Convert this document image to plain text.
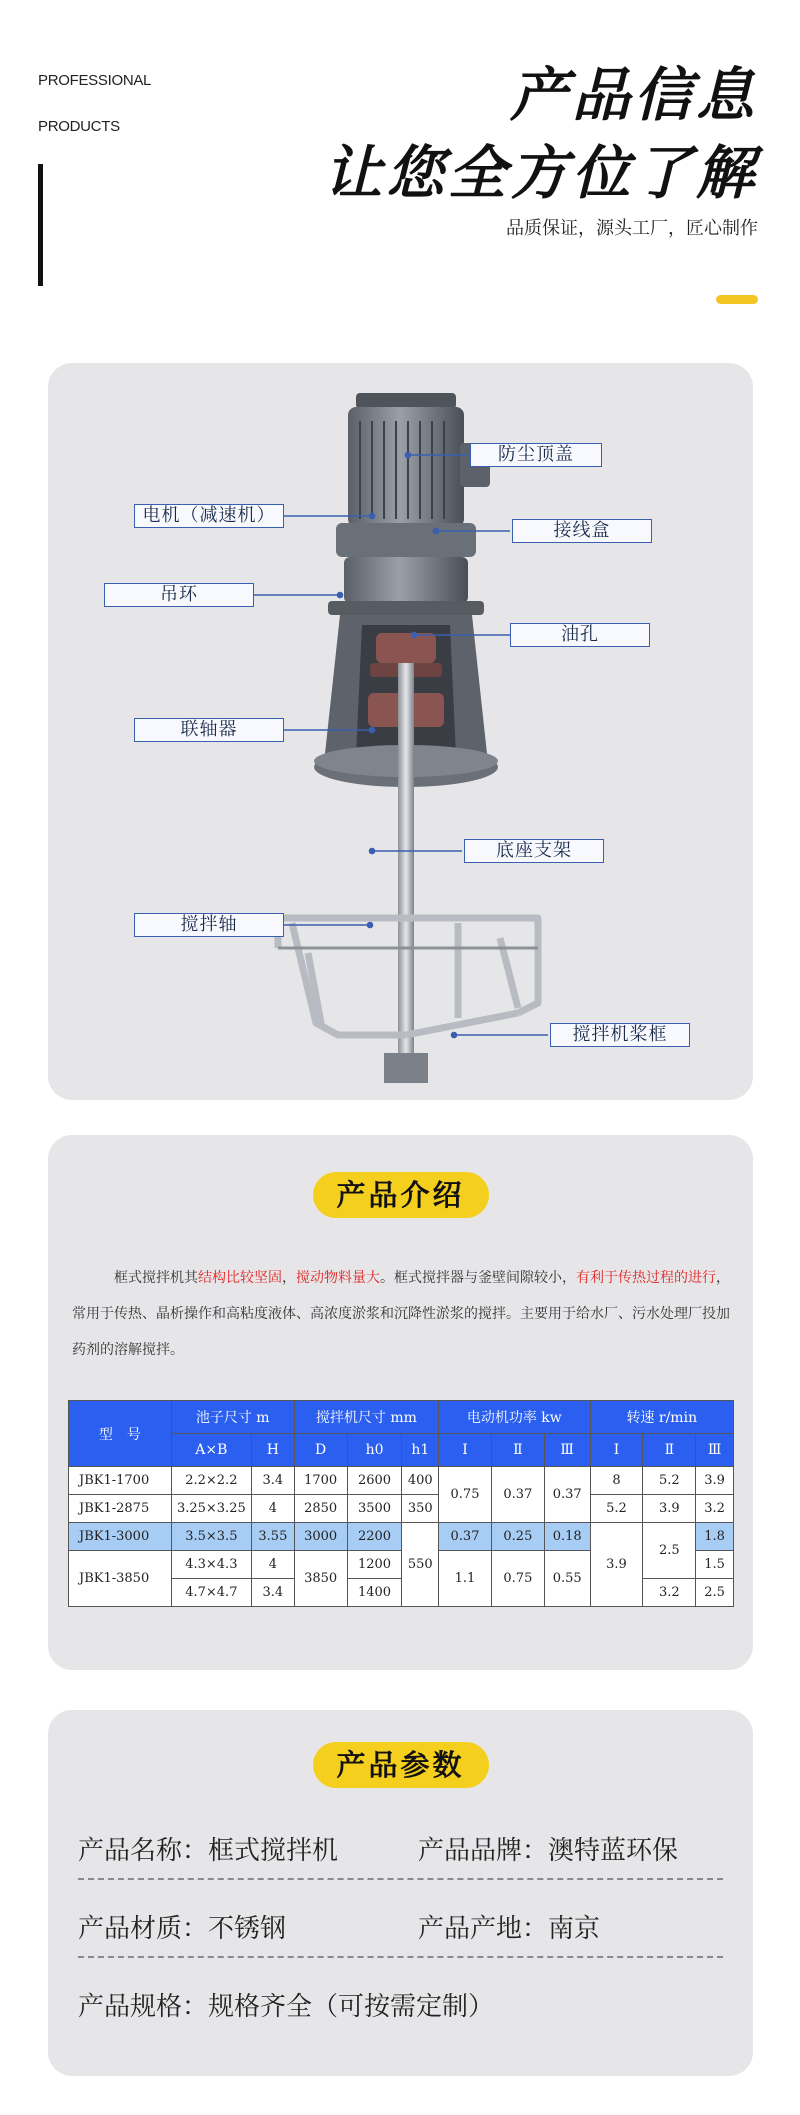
PROFESSIONAL
PRODUCTS	产品信息
让您全方位了解
品质保证，源头工厂，匠心制作
防尘顶盖
电机（减速机）
接线盒
吊环
油孔
联轴器
底座支架
搅拌轴
搅拌机桨框
产品介绍

   框式搅拌机其结构比较坚固，搅动物料量大。框式搅拌器与釜壁间隙较小，有利于传热过程的进行，常用于传热、晶析操作和高粘度液体、高浓度淤浆和沉降性淤浆的搅拌。主要用于给水厂、污水处理厂投加药剂的溶解搅拌。

型　号	池子尺寸 m		搅拌机尺寸 mm			电动机功率 kw			转速 r/min		
	A×B	H	D	h0	h1	Ⅰ	Ⅱ	Ⅲ	Ⅰ	Ⅱ	Ⅲ
JBK1-1700	2.2×2.2	3.4	1700	2600	400	0.75	0.37	0.37	8	5.2	3.9
JBK1-2875	3.25×3.25	4	2850	3500	350				5.2	3.9	3.2
JBK1-3000	3.5×3.5	3.55	3000	2200	550	0.37	0.25	0.18	3.9	2.5	1.8
JBK1-3850	4.3×4.3	4	3850	1200		1.1	0.75	0.55			1.5
	4.7×4.7	3.4		1400						3.2	2.5
产品参数
产品名称：框式搅拌机	产品品牌：澳特蓝环保
产品材质：不锈钢	产品产地：南京
产品规格：规格齐全（可按需定制）
